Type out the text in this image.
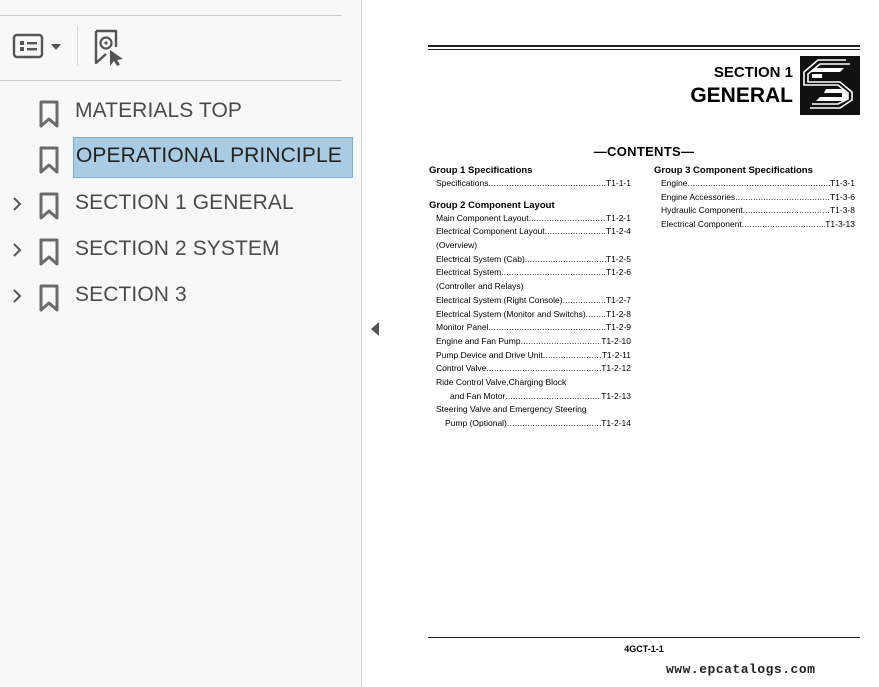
MATERIALS TOP
OPERATIONAL PRINCIPLE
SECTION 1 GENERAL
SECTION 2 SYSTEM
SECTION 3
SECTION 1
GENERAL
—CONTENTS—
Group 1 Specifications
Specifications .....	T1-1-1
Group 2 Component Layout
Main Component Layout .....	T1-2-1
Electrical Component Layout .....	T1-2-4
(Overview)
Electrical System (Cab) .....	T1-2-5
Electrical System .....	T1-2-6
(Controller and Relays)
Electrical System (Right Console) .....	T1-2-7
Electrical System (Monitor and Switchs) ..... T1-2-8
Monitor Panel .....	T1-2-9
Engine and Fan Pump .....	T1-2-10
Pump Device and Drive Unit .....	T1-2-11
Control Valve .....	T1-2-12
Ride Control Valve,Charging Block
and Fan Motor .....	T1-2-13
Steering Valve and Emergency Steering
Pump (Optional) .....	T1-2-14
Group 3 Component Specifications
Engine .....	T1-3-1
Engine Accessories .....	T1-3-6
Hydraulic Component .....	T1-3-8
Electrical Component .....	T1-3-13
4GCT-1-1
www.epcatalogs.com
